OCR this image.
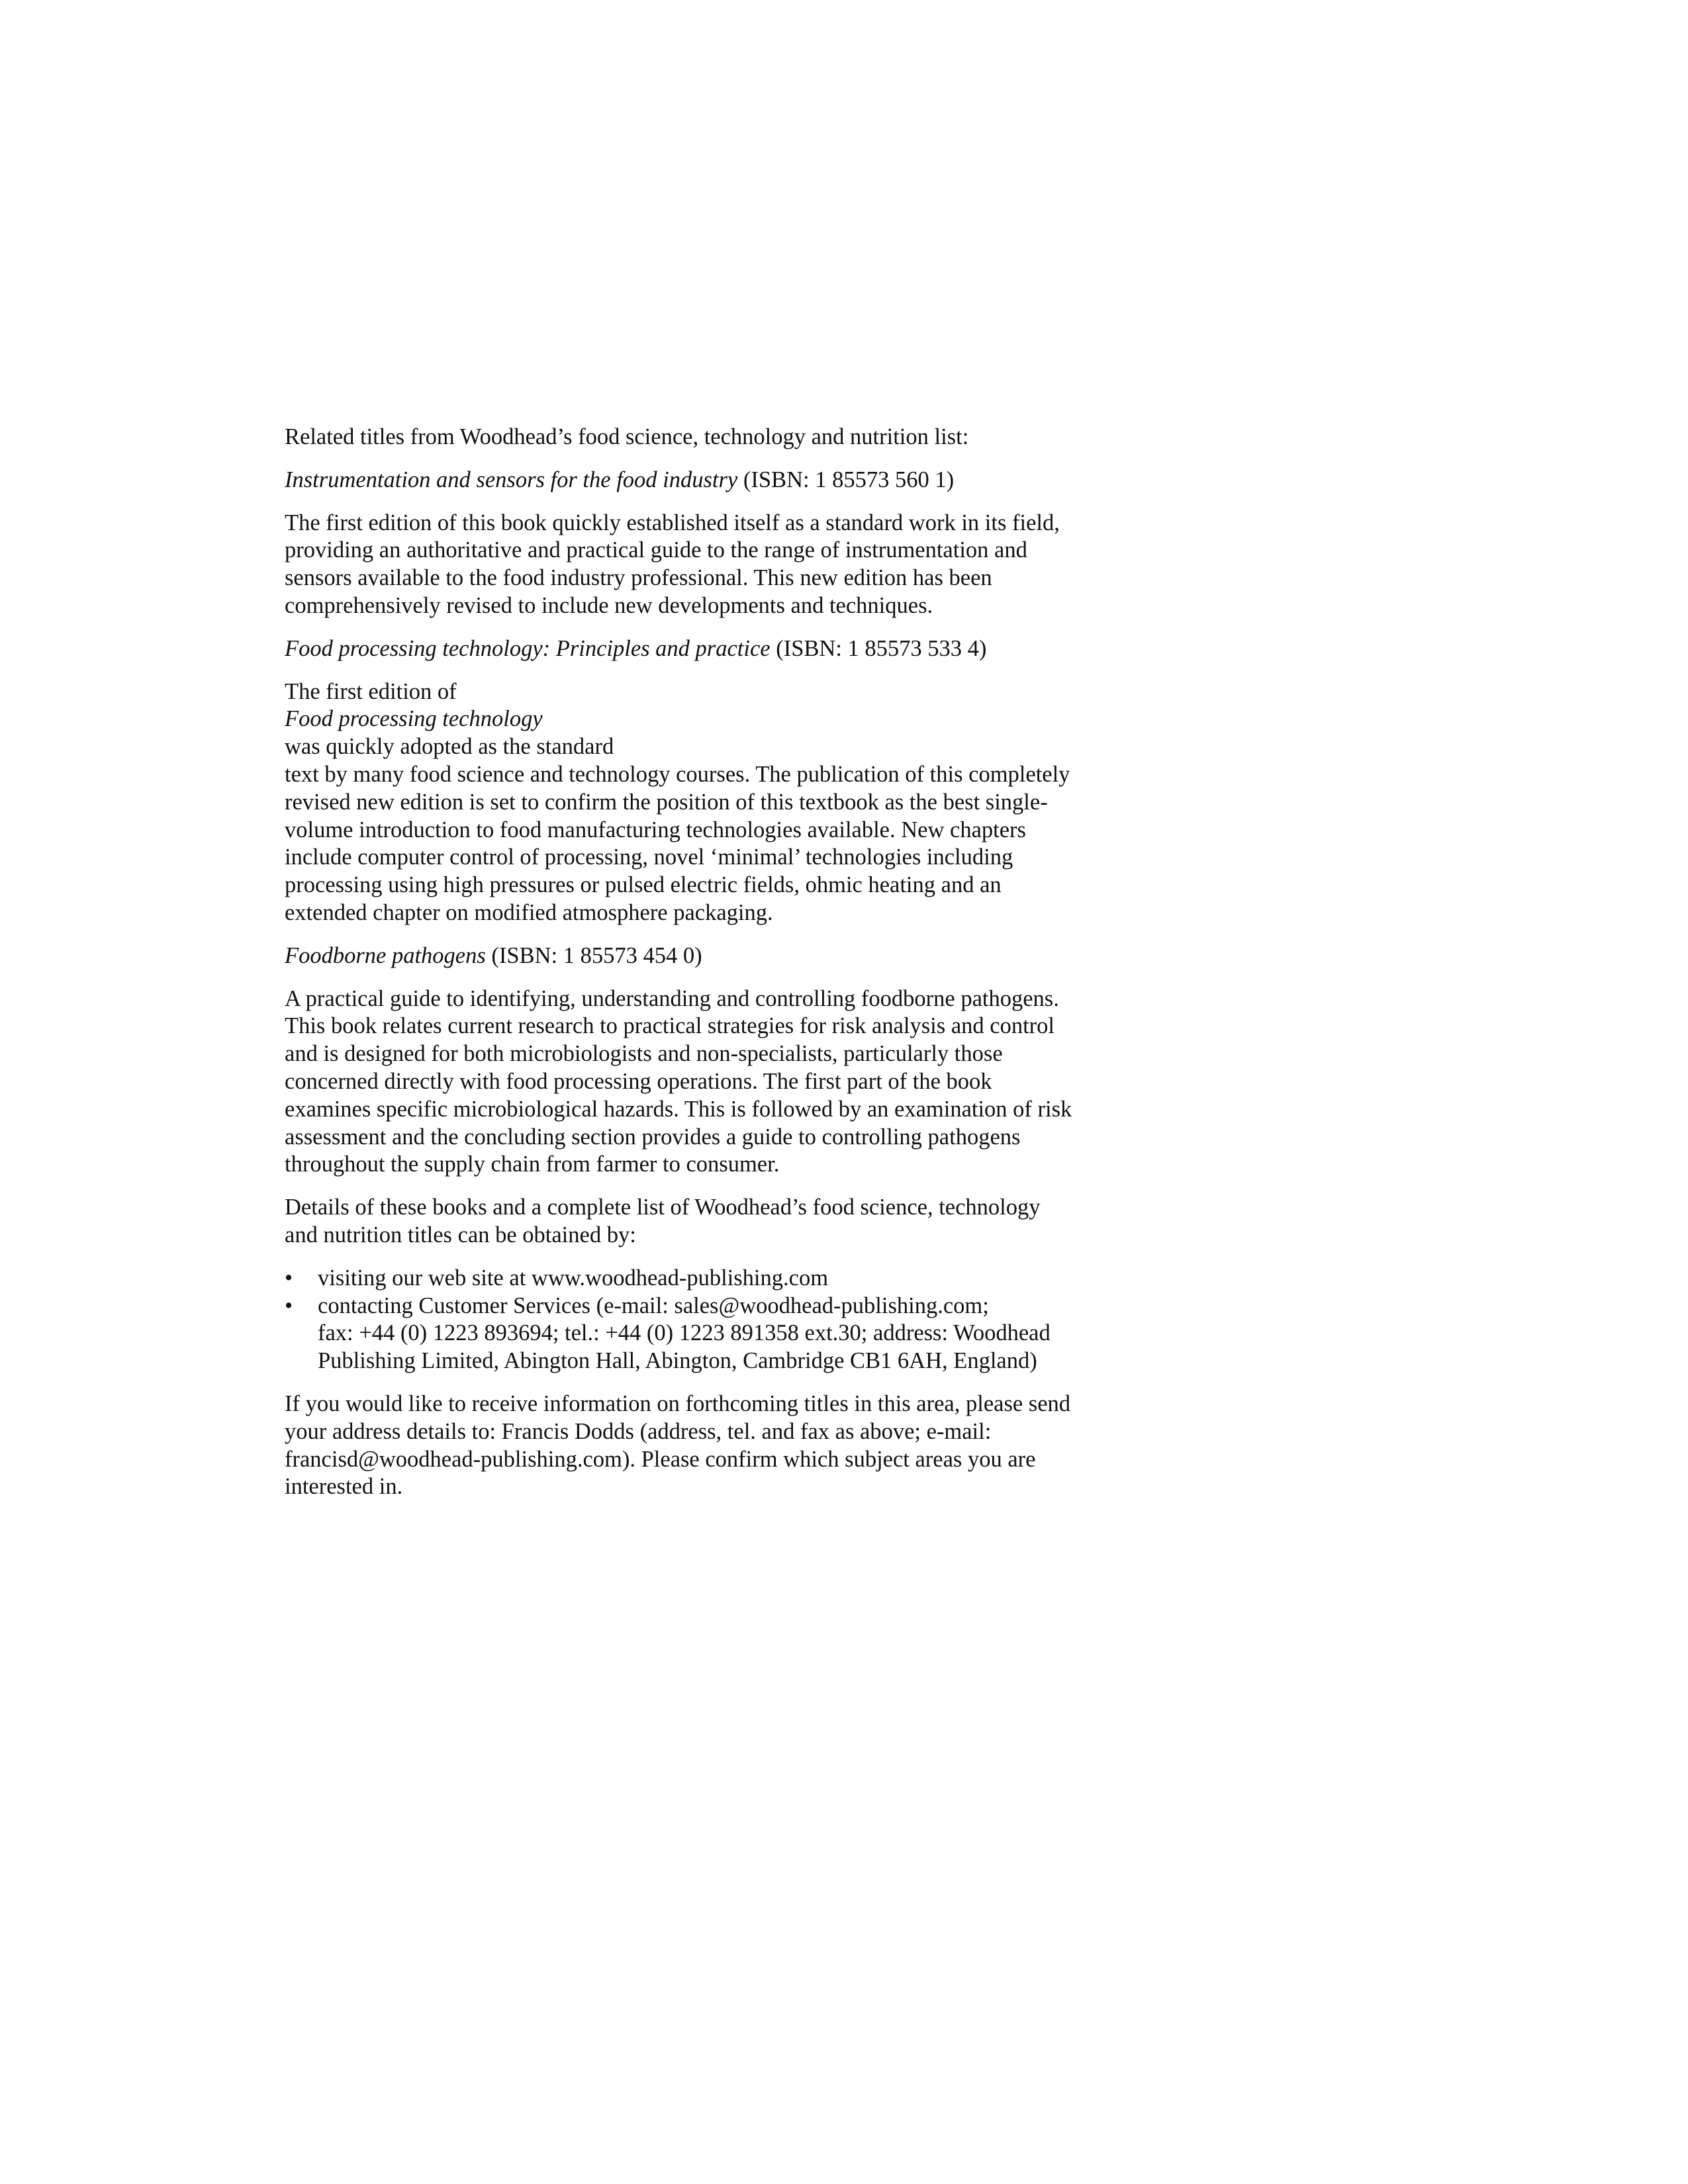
Related titles from Woodhead’s food science, technology and nutrition list:

Instrumentation and sensors for the food industry (ISBN: 1 85573 560 1)

The first edition of this book quickly established itself as a standard work in its field,
providing an authoritative and practical guide to the range of instrumentation and
sensors available to the food industry professional. This new edition has been
comprehensively revised to include new developments and techniques.

Food processing technology: Principles and practice (ISBN: 1 85573 533 4)

The first edition of
Food processing technology
was quickly adopted as the standard
text by many food science and technology courses. The publication of this completely
revised new edition is set to confirm the position of this textbook as the best single-
volume introduction to food manufacturing technologies available. New chapters
include computer control of processing, novel ‘minimal’ technologies including
processing using high pressures or pulsed electric fields, ohmic heating and an
extended chapter on modified atmosphere packaging.

Foodborne pathogens (ISBN: 1 85573 454 0)

A practical guide to identifying, understanding and controlling foodborne pathogens.
This book relates current research to practical strategies for risk analysis and control
and is designed for both microbiologists and non-specialists, particularly those
concerned directly with food processing operations. The first part of the book
examines specific microbiological hazards. This is followed by an examination of risk
assessment and the concluding section provides a guide to controlling pathogens
throughout the supply chain from farmer to consumer.

Details of these books and a complete list of Woodhead’s food science, technology
and nutrition titles can be obtained by:

• visiting our web site at www.woodhead-publishing.com
• contacting Customer Services (e-mail: sales@woodhead-publishing.com;
fax: +44 (0) 1223 893694; tel.: +44 (0) 1223 891358 ext.30; address: Woodhead
Publishing Limited, Abington Hall, Abington, Cambridge CB1 6AH, England)

If you would like to receive information on forthcoming titles in this area, please send
your address details to: Francis Dodds (address, tel. and fax as above; e-mail:
francisd@woodhead-publishing.com). Please confirm which subject areas you are
interested in.
